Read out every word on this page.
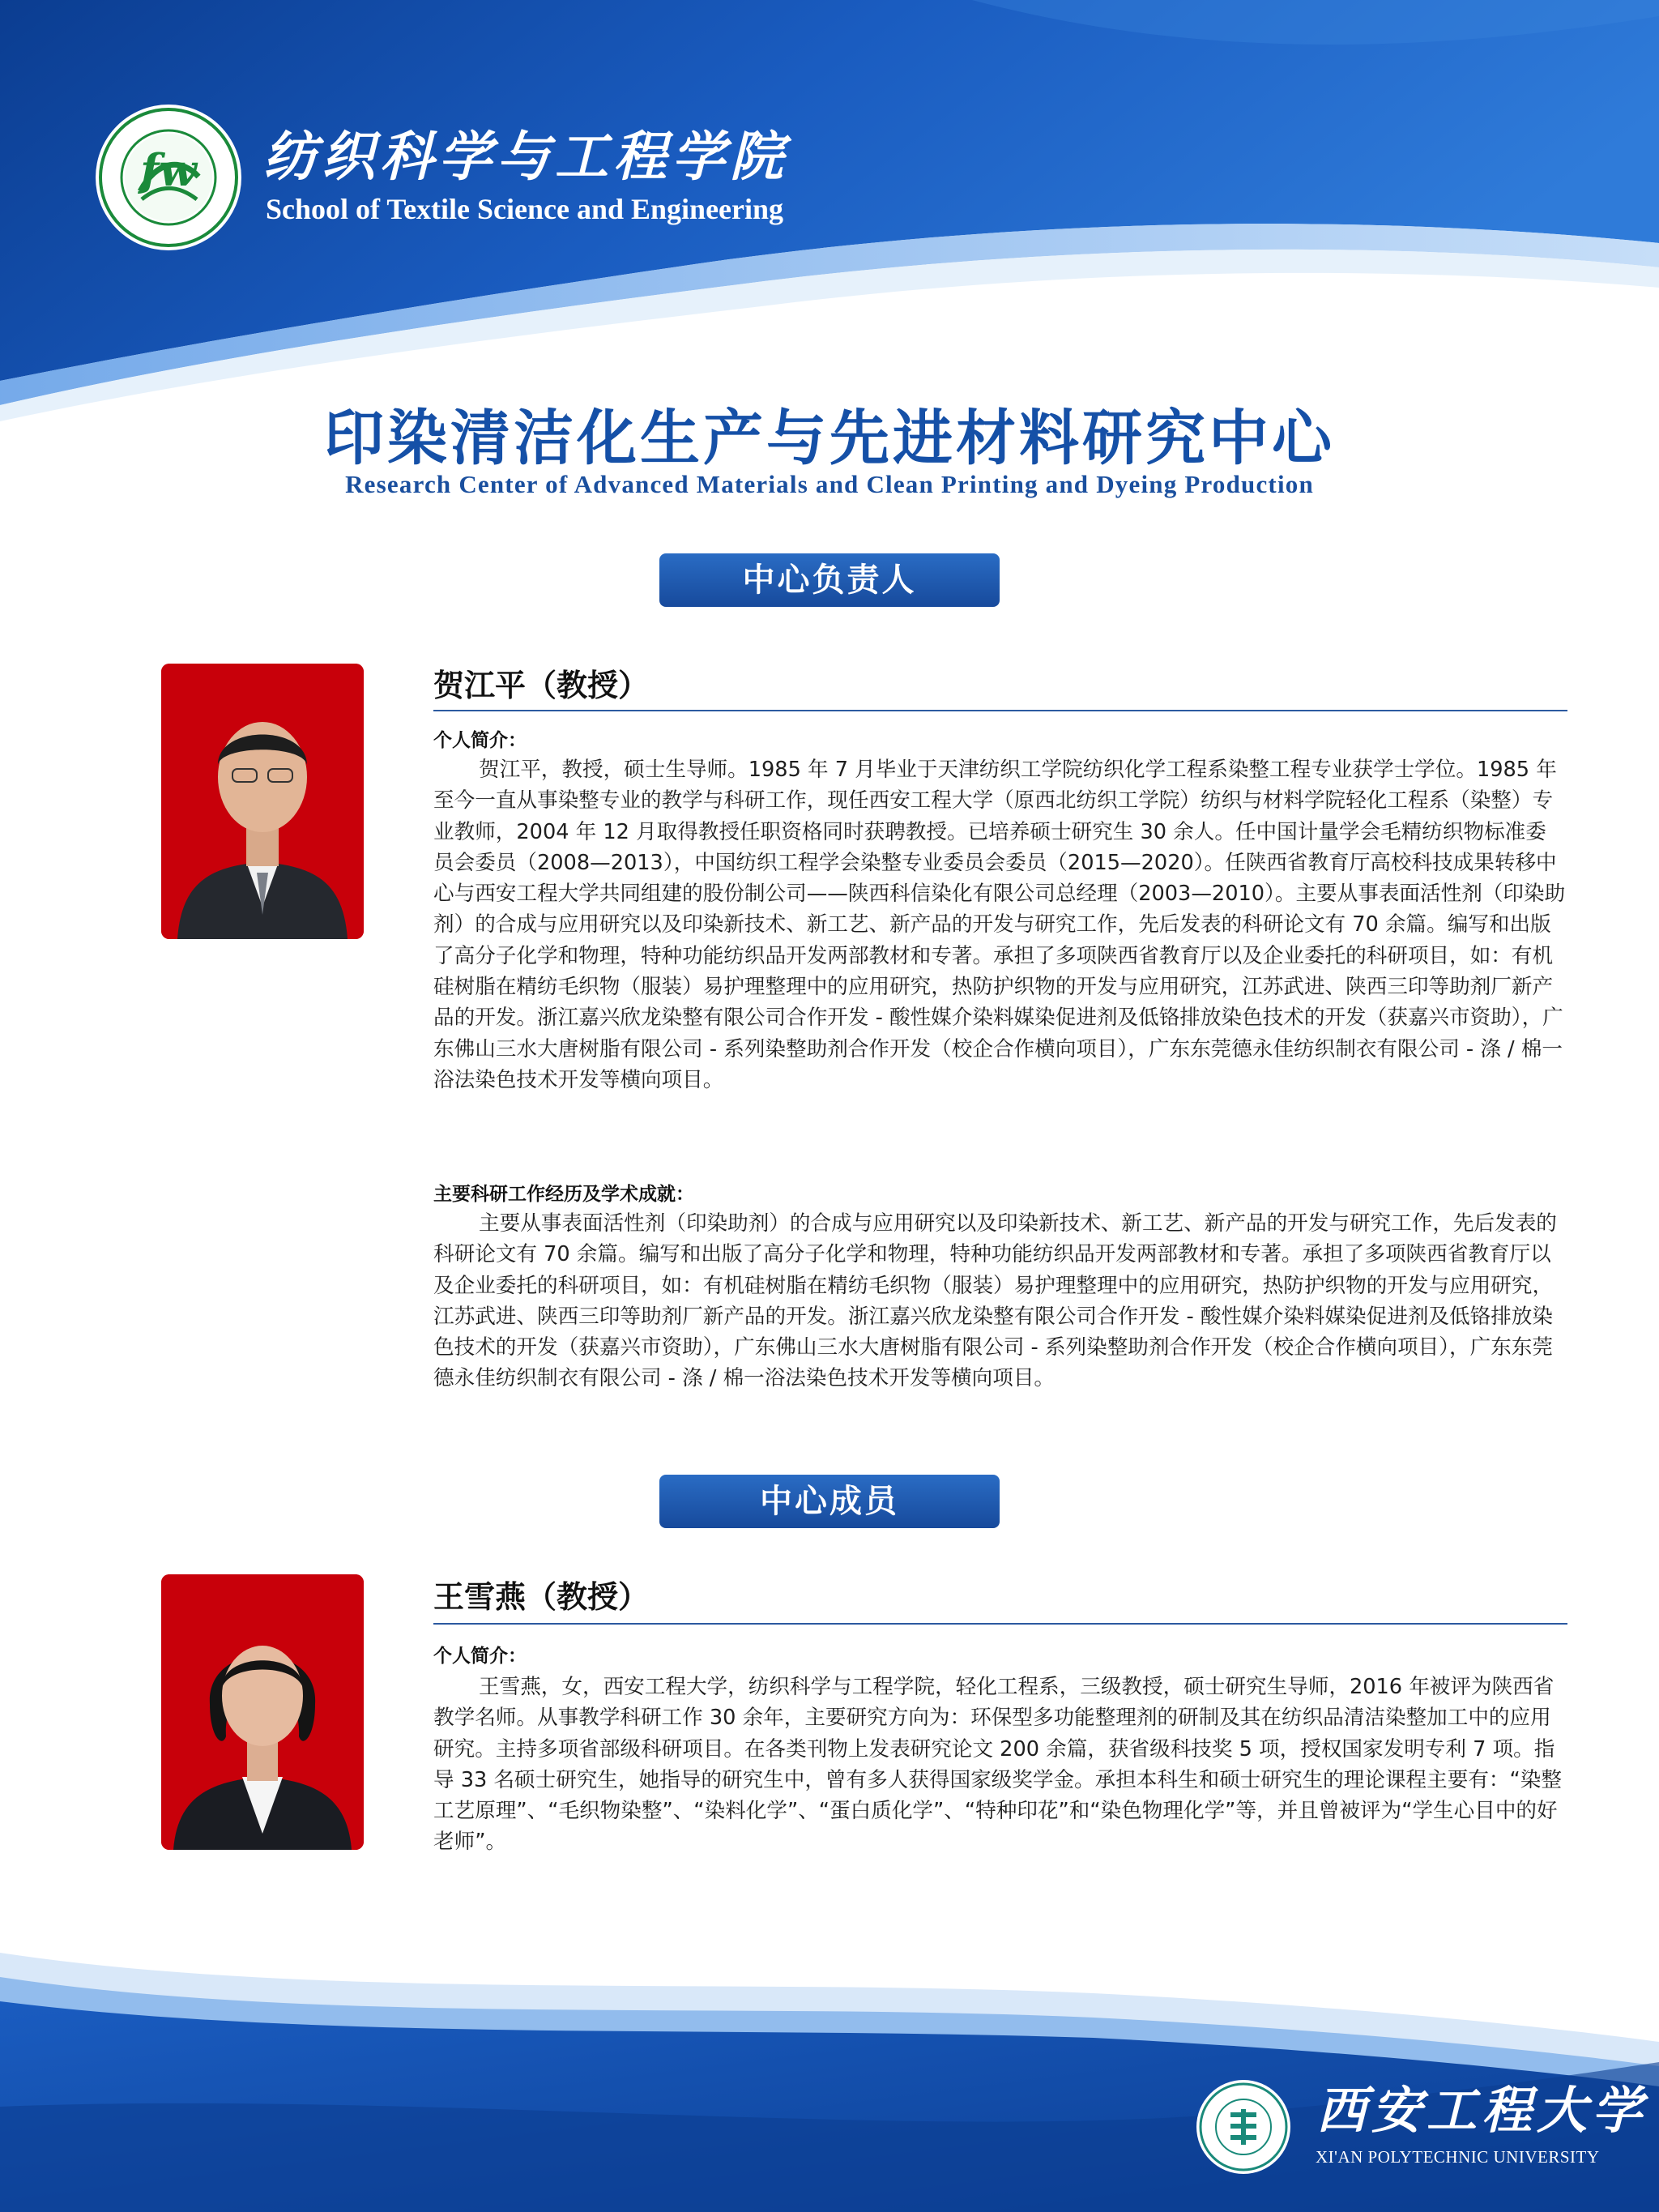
fw	纺织科学与工程学院
School of Textile Science and Engineering
印染清洁化生产与先进材料研究中心
Research Center of Advanced Materials and Clean Printing and Dyeing Production
中心负责人
贺江平（教授）
个人简介：
贺江平，教授，硕士生导师。1985 年 7 月毕业于天津纺织工学院纺织化学工程系染整工程专业获学士学位。1985 年至今一直从事染整专业的教学与科研工作，现任西安工程大学（原西北纺织工学院）纺织与材料学院轻化工程系（染整）专业教师，2004 年 12 月取得教授任职资格同时获聘教授。已培养硕士研究生 30 余人。任中国计量学会毛精纺织物标准委员会委员（2008—2013），中国纺织工程学会染整专业委员会委员（2015—2020）。任陕西省教育厅高校科技成果转移中心与西安工程大学共同组建的股份制公司——陕西科信染化有限公司总经理（2003—2010）。主要从事表面活性剂（印染助剂）的合成与应用研究以及印染新技术、新工艺、新产品的开发与研究工作，先后发表的科研论文有 70 余篇。编写和出版了高分子化学和物理，特种功能纺织品开发两部教材和专著。承担了多项陕西省教育厅以及企业委托的科研项目，如：有机硅树脂在精纺毛织物（服装）易护理整理中的应用研究，热防护织物的开发与应用研究，江苏武进、陕西三印等助剂厂新产品的开发。浙江嘉兴欣龙染整有限公司合作开发 - 酸性媒介染料媒染促进剂及低铬排放染色技术的开发（获嘉兴市资助），广东佛山三水大唐树脂有限公司 - 系列染整助剂合作开发（校企合作横向项目），广东东莞德永佳纺织制衣有限公司 - 涤 / 棉一浴法染色技术开发等横向项目。
主要科研工作经历及学术成就：
主要从事表面活性剂（印染助剂）的合成与应用研究以及印染新技术、新工艺、新产品的开发与研究工作，先后发表的科研论文有 70 余篇。编写和出版了高分子化学和物理，特种功能纺织品开发两部教材和专著。承担了多项陕西省教育厅以及企业委托的科研项目，如：有机硅树脂在精纺毛织物（服装）易护理整理中的应用研究，热防护织物的开发与应用研究，江苏武进、陕西三印等助剂厂新产品的开发。浙江嘉兴欣龙染整有限公司合作开发 - 酸性媒介染料媒染促进剂及低铬排放染色技术的开发（获嘉兴市资助），广东佛山三水大唐树脂有限公司 - 系列染整助剂合作开发（校企合作横向项目），广东东莞德永佳纺织制衣有限公司 - 涤 / 棉一浴法染色技术开发等横向项目。
中心成员
王雪燕（教授）
个人简介：
王雪燕，女，西安工程大学，纺织科学与工程学院，轻化工程系，三级教授，硕士研究生导师，2016 年被评为陕西省教学名师。从事教学科研工作 30 余年，主要研究方向为：环保型多功能整理剂的研制及其在纺织品清洁染整加工中的应用研究。主持多项省部级科研项目。在各类刊物上发表研究论文 200 余篇，获省级科技奖 5 项，授权国家发明专利 7 项。指导 33 名硕士研究生，她指导的研究生中，曾有多人获得国家级奖学金。承担本科生和硕士研究生的理论课程主要有：“染整工艺原理”、“毛织物染整”、“染料化学”、“蛋白质化学”、“特种印花”和“染色物理化学”等，并且曾被评为“学生心目中的好老师”。
西安工程大学
XI'AN POLYTECHNIC UNIVERSITY
